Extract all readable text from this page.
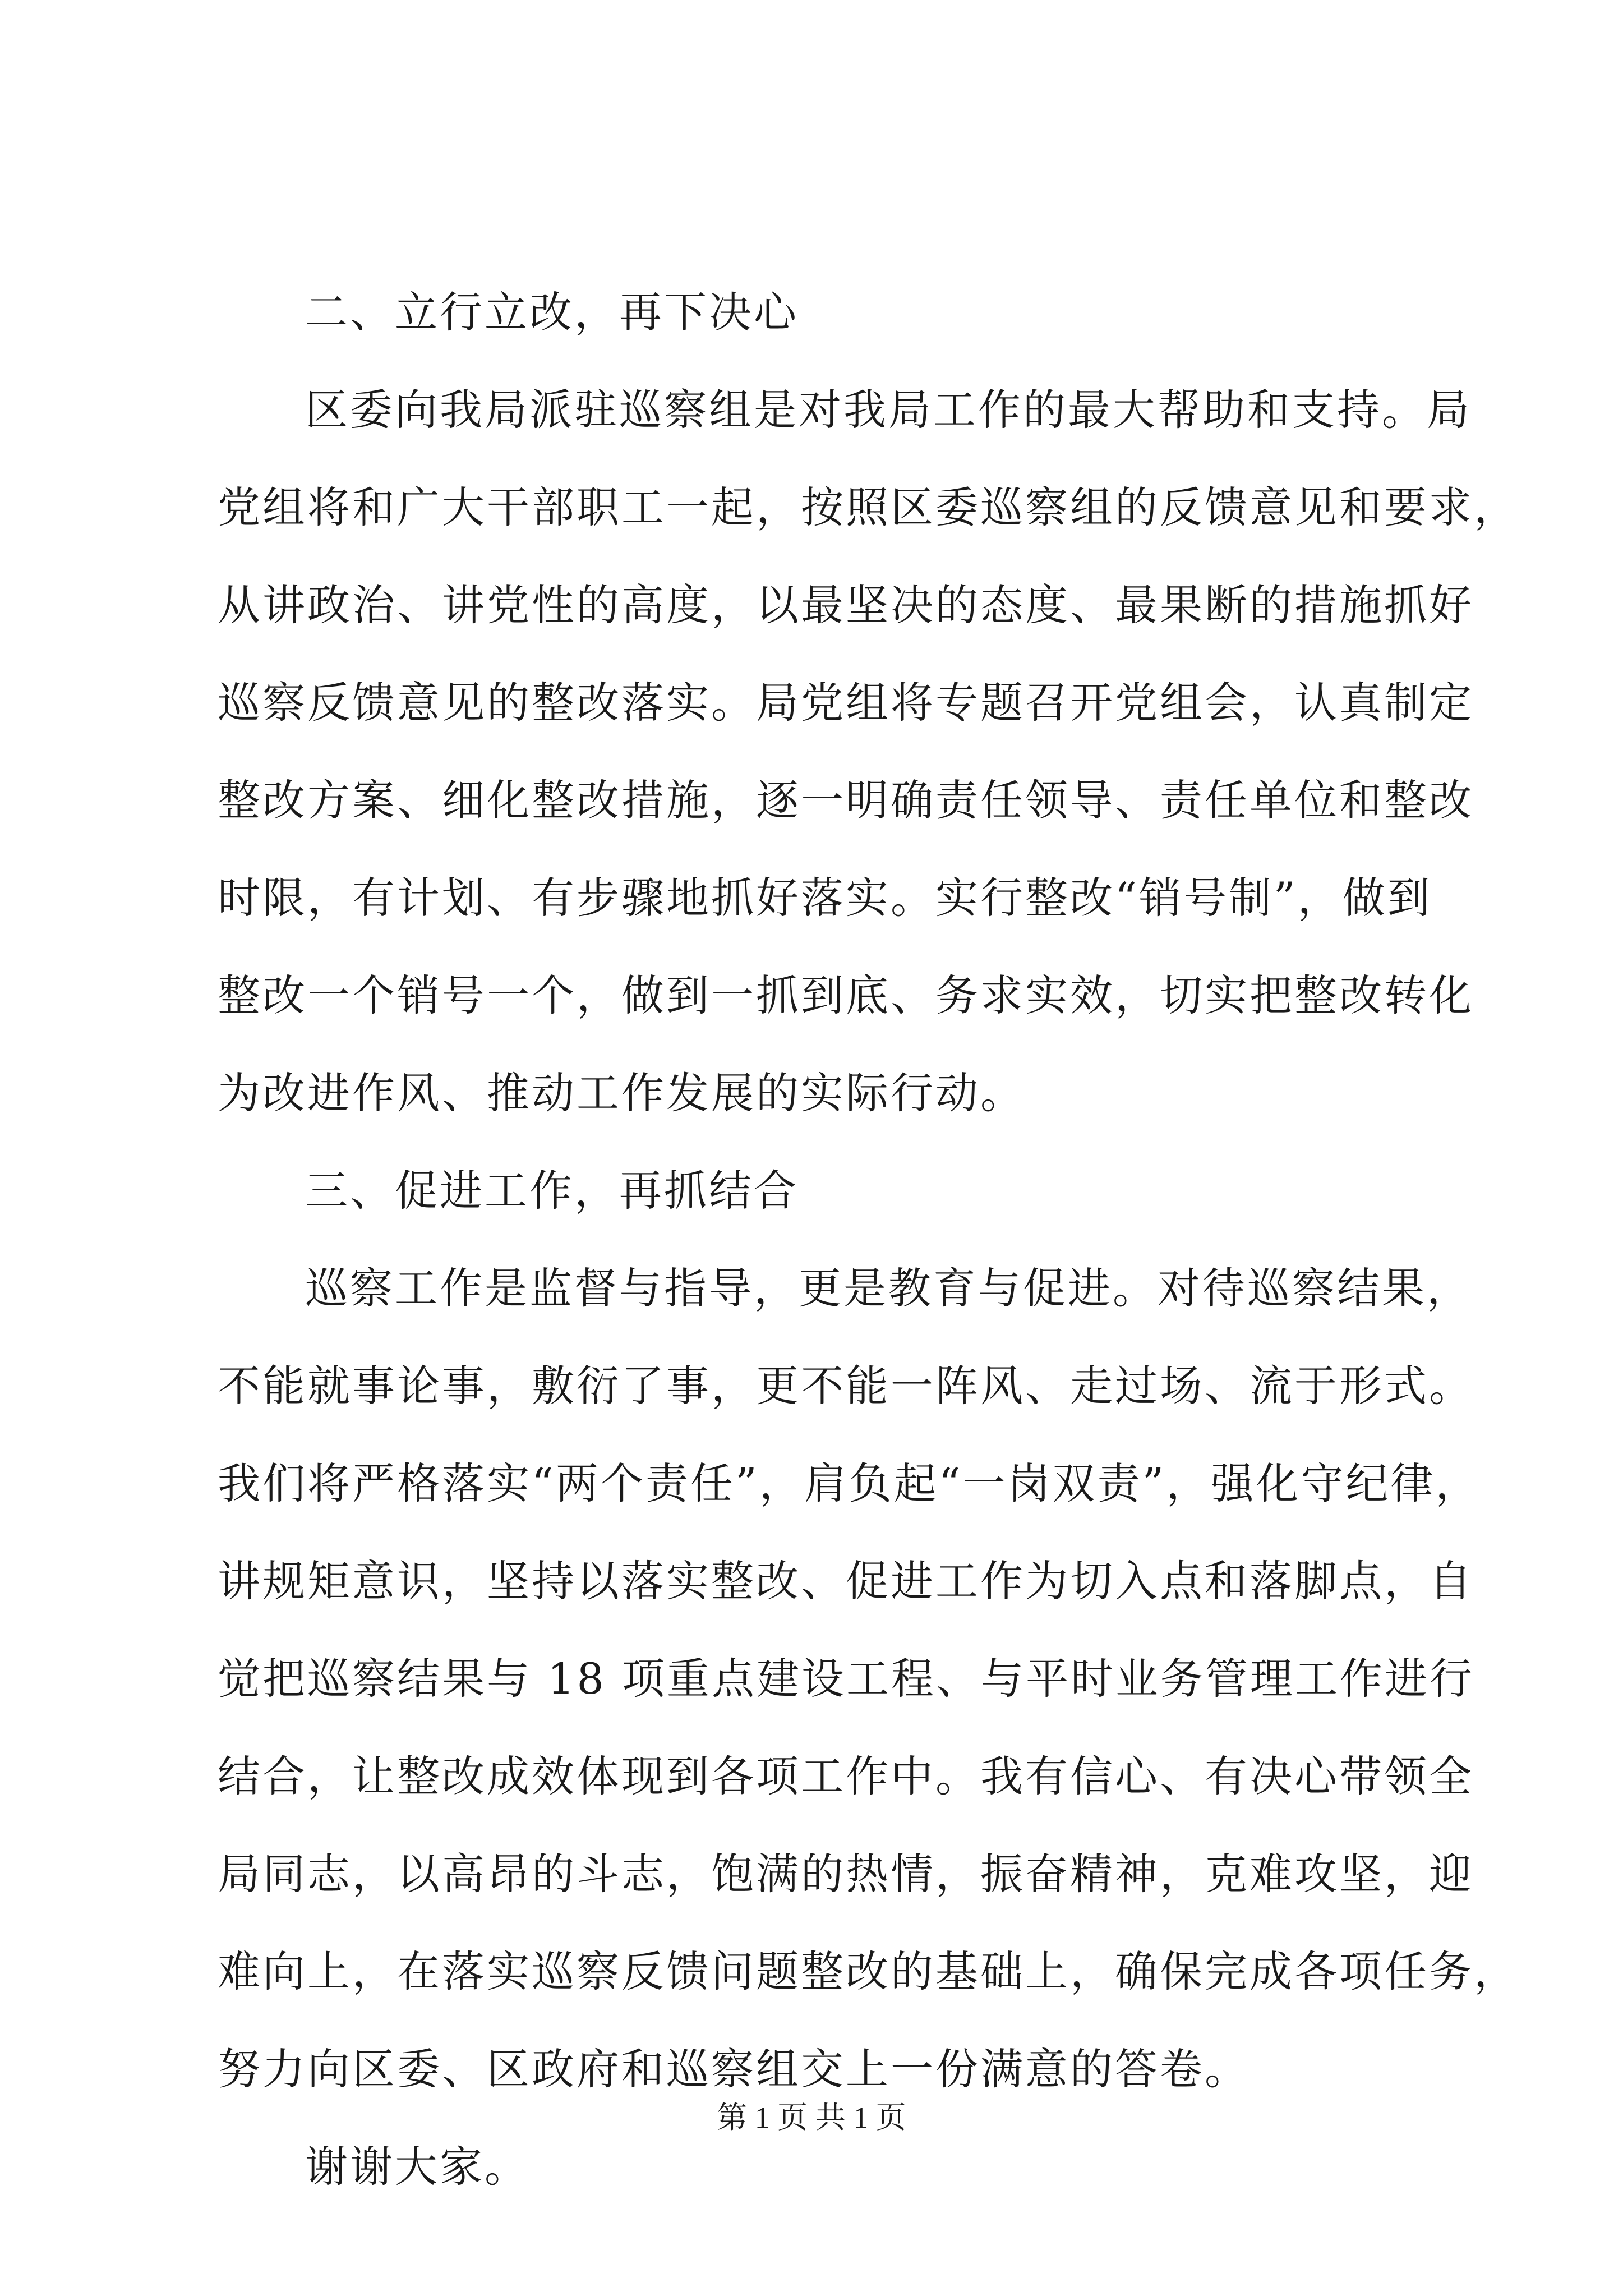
二、立行立改，再下决心
区委向我局派驻巡察组是对我局工作的最大帮助和支持。局
党组将和广大干部职工一起，按照区委巡察组的反馈意见和要求，
从讲政治、讲党性的高度，以最坚决的态度、最果断的措施抓好
巡察反馈意见的整改落实。局党组将专题召开党组会，认真制定
整改方案、细化整改措施，逐一明确责任领导、责任单位和整改
时限，有计划、有步骤地抓好落实。实行整改“销号制”，做到
整改一个销号一个，做到一抓到底、务求实效，切实把整改转化
为改进作风、推动工作发展的实际行动。
三、促进工作，再抓结合
巡察工作是监督与指导，更是教育与促进。对待巡察结果，
不能就事论事，敷衍了事，更不能一阵风、走过场、流于形式。
我们将严格落实“两个责任”，肩负起“一岗双责”，强化守纪律，
讲规矩意识，坚持以落实整改、促进工作为切入点和落脚点，自
觉把巡察结果与 18 项重点建设工程、与平时业务管理工作进行
结合，让整改成效体现到各项工作中。我有信心、有决心带领全
局同志，以高昂的斗志，饱满的热情，振奋精神，克难攻坚，迎
难向上，在落实巡察反馈问题整改的基础上，确保完成各项任务，
努力向区委、区政府和巡察组交上一份满意的答卷。
谢谢大家。
第 1 页 共 1 页
